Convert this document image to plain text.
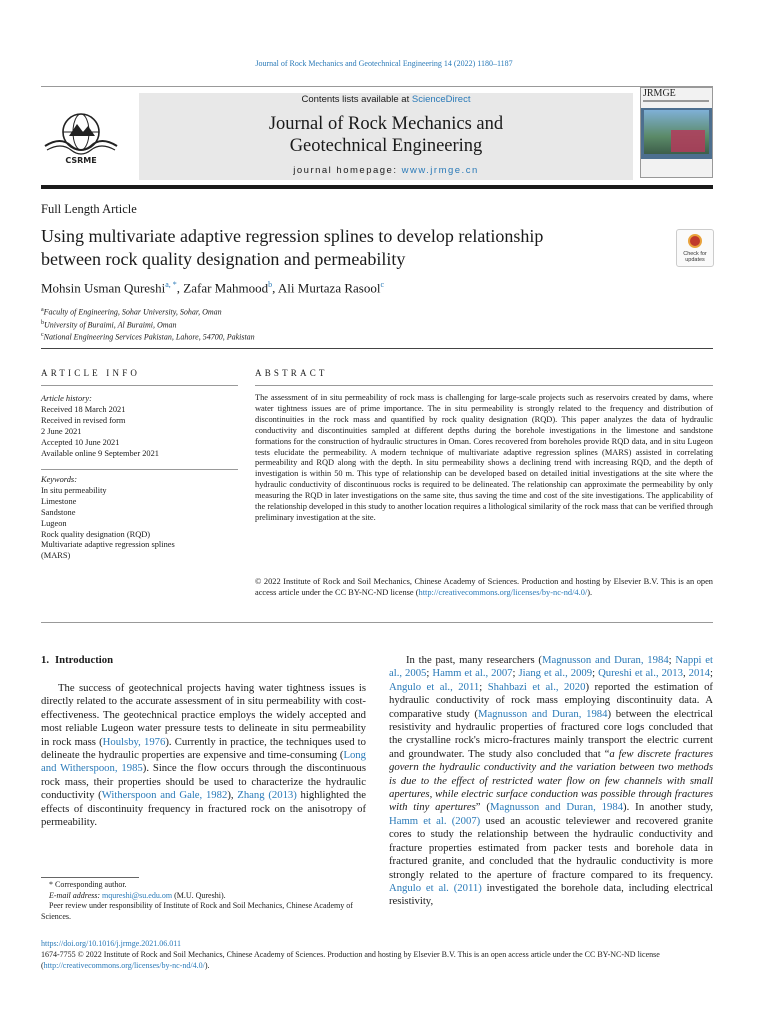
Journal of Rock Mechanics and Geotechnical Engineering 14 (2022) 1180–1187
CSRME
Contents lists available at ScienceDirect
Journal of Rock Mechanics and
Geotechnical Engineering
journal homepage: www.jrmge.cn
JRMGE
Full Length Article
Using multivariate adaptive regression splines to develop relationship
between rock quality designation and permeability	Check for
updates
Mohsin Usman Qureshi$^{a, *}$, Zafar Mahmood$^b$, Ali Murtaza Rasool$^c$
$^a$Faculty of Engineering, Sohar University, Sohar, Oman
$^b$University of Buraimi, Al Buraimi, Oman
$^c$National Engineering Services Pakistan, Lahore, 54700, Pakistan
ARTICLE INFO	ABSTRACT
Article history:
Received 18 March 2021
Received in revised form
2 June 2021
Accepted 10 June 2021
Available online 9 September 2021
Keywords:
In situ permeability
Limestone
Sandstone
Lugeon
Rock quality designation (RQD)
Multivariate adaptive regression splines
(MARS)
The assessment of in situ permeability of rock mass is challenging for large-scale projects such as reservoirs created by dams, where water tightness issues are of prime importance. The in situ permeability is strongly related to the frequency and distribution of discontinuities in the rock mass and quantified by rock quality designation (RQD). This paper analyzes the data of hydraulic conductivity and discontinuities sampled at different depths during the borehole investigations in the limestone and sandstone formations for the construction of hydraulic structures in Oman. Cores recovered from boreholes provide RQD data, and in situ Lugeon tests elucidate the permeability. A modern technique of multivariate adaptive regression splines (MARS) assisted in correlating permeability and RQD along with the depth. In situ permeability shows a declining trend with increasing RQD, and the depth of investigation is within 50 m. This type of relationship can be developed based on detailed initial investigations at the site where the hydraulic conductivity of discontinuous rocks is required to be delineated. The relationship can approximate the permeability by only measuring the RQD in later investigations on the same site, thus saving the time and cost of the site investigations. The applicability of the relationship developed in this study to another location requires a lithological similarity of the rock mass that can be verified through preliminary investigation at the site.
© 2022 Institute of Rock and Soil Mechanics, Chinese Academy of Sciences. Production and hosting by Elsevier B.V. This is an open access article under the CC BY-NC-ND license (http://creativecommons.org/licenses/by-nc-nd/4.0/).
1. Introduction
The success of geotechnical projects having water tightness issues is directly related to the accurate assessment of in situ permeability with cost-effectiveness. The geotechnical practice employs the widely accepted and most reliable Lugeon water pressure tests to delineate in situ permeability in rock mass (Houlsby, 1976). Currently in practice, the techniques used to delineate the hydraulic properties are expensive and time-consuming (Long and Witherspoon, 1985). Since the flow occurs through the discontinuous rock mass, their properties should be used to characterize the hydraulic conductivity (Witherspoon and Gale, 1982), Zhang (2013) highlighted the effects of discontinuity frequency in fractured rock on the anisotropy of permeability.
In the past, many researchers (Magnusson and Duran, 1984; Nappi et al., 2005; Hamm et al., 2007; Jiang et al., 2009; Qureshi et al., 2013, 2014; Angulo et al., 2011; Shahbazi et al., 2020) reported the estimation of hydraulic conductivity of rock mass employing discontinuity data. A comparative study (Magnusson and Duran, 1984) between the electrical resistivity and hydraulic properties of fractured core logs concluded that the crystalline rock's micro-fractures mainly transport the electric current and groundwater. The study also concluded that “a few discrete fractures govern the hydraulic conductivity and the variation between two methods is due to the effect of restricted water flow on few channels with small apertures, while electric surface conduction was possible through fractures with tiny apertures” (Magnusson and Duran, 1984). In another study, Hamm et al. (2007) used an acoustic televiewer and recovered granite cores to study the relationship between the hydraulic conductivity and fracture properties estimated from packer tests and borehole data in fractured granite, and concluded that the hydraulic conductivity is more strongly related to the aperture of fracture compared to its frequency. Angulo et al. (2011) investigated the borehole data, including electrical resistivity,
* Corresponding author.
E-mail address: mqureshi@su.edu.om (M.U. Qureshi).
Peer review under responsibility of Institute of Rock and Soil Mechanics, Chinese Academy of Sciences.
https://doi.org/10.1016/j.jrmge.2021.06.011
1674-7755 © 2022 Institute of Rock and Soil Mechanics, Chinese Academy of Sciences. Production and hosting by Elsevier B.V. This is an open access article under the CC BY-NC-ND license (http://creativecommons.org/licenses/by-nc-nd/4.0/).
